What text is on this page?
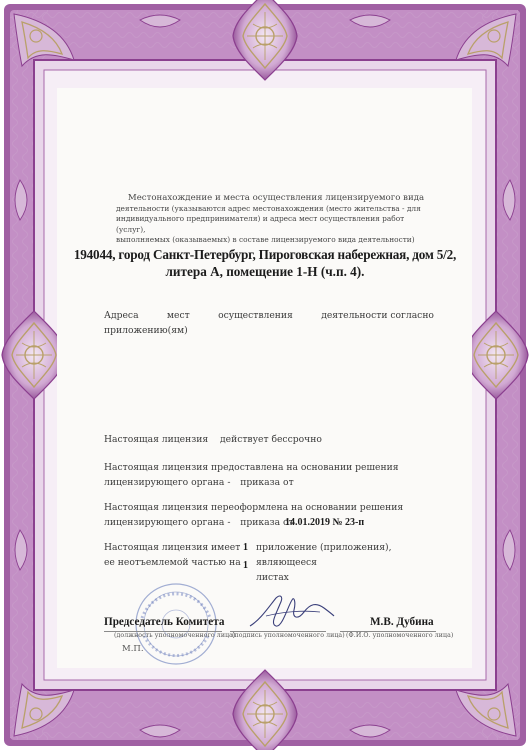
Местонахождение и места осуществления лицензируемого вида
деятельности (указываются адрес местонахождения (место жительства - для
индивидуального предпринимателя) и адреса мест осуществления работ (услуг),
выполняемых (оказываемых) в составе лицензируемого вида деятельности)
194044, город Санкт-Петербург, Пироговская набережная, дом 5/2,
литера А, помещение 1-Н (ч.п. 4).
Адреса	мест	осуществления	деятельности согласно
приложению(ям)
Настоящая лицензия действует бессрочно
Настоящая лицензия предоставлена на основании решения
лицензирующего органа - приказа от
Настоящая лицензия переоформлена на основании решения
лицензирующего органа - приказа от
14.01.2019 № 23-п
Настоящая лицензия имеет
ее неотъемлемой частью на
1
1
приложение (приложения), являющееся
листах
Председатель Комитета
(должность уполномоченного лица)
(подпись уполномоченного лица)
М.В. Дубина
(Ф.И.О. уполномоченного лица)
М.П.
